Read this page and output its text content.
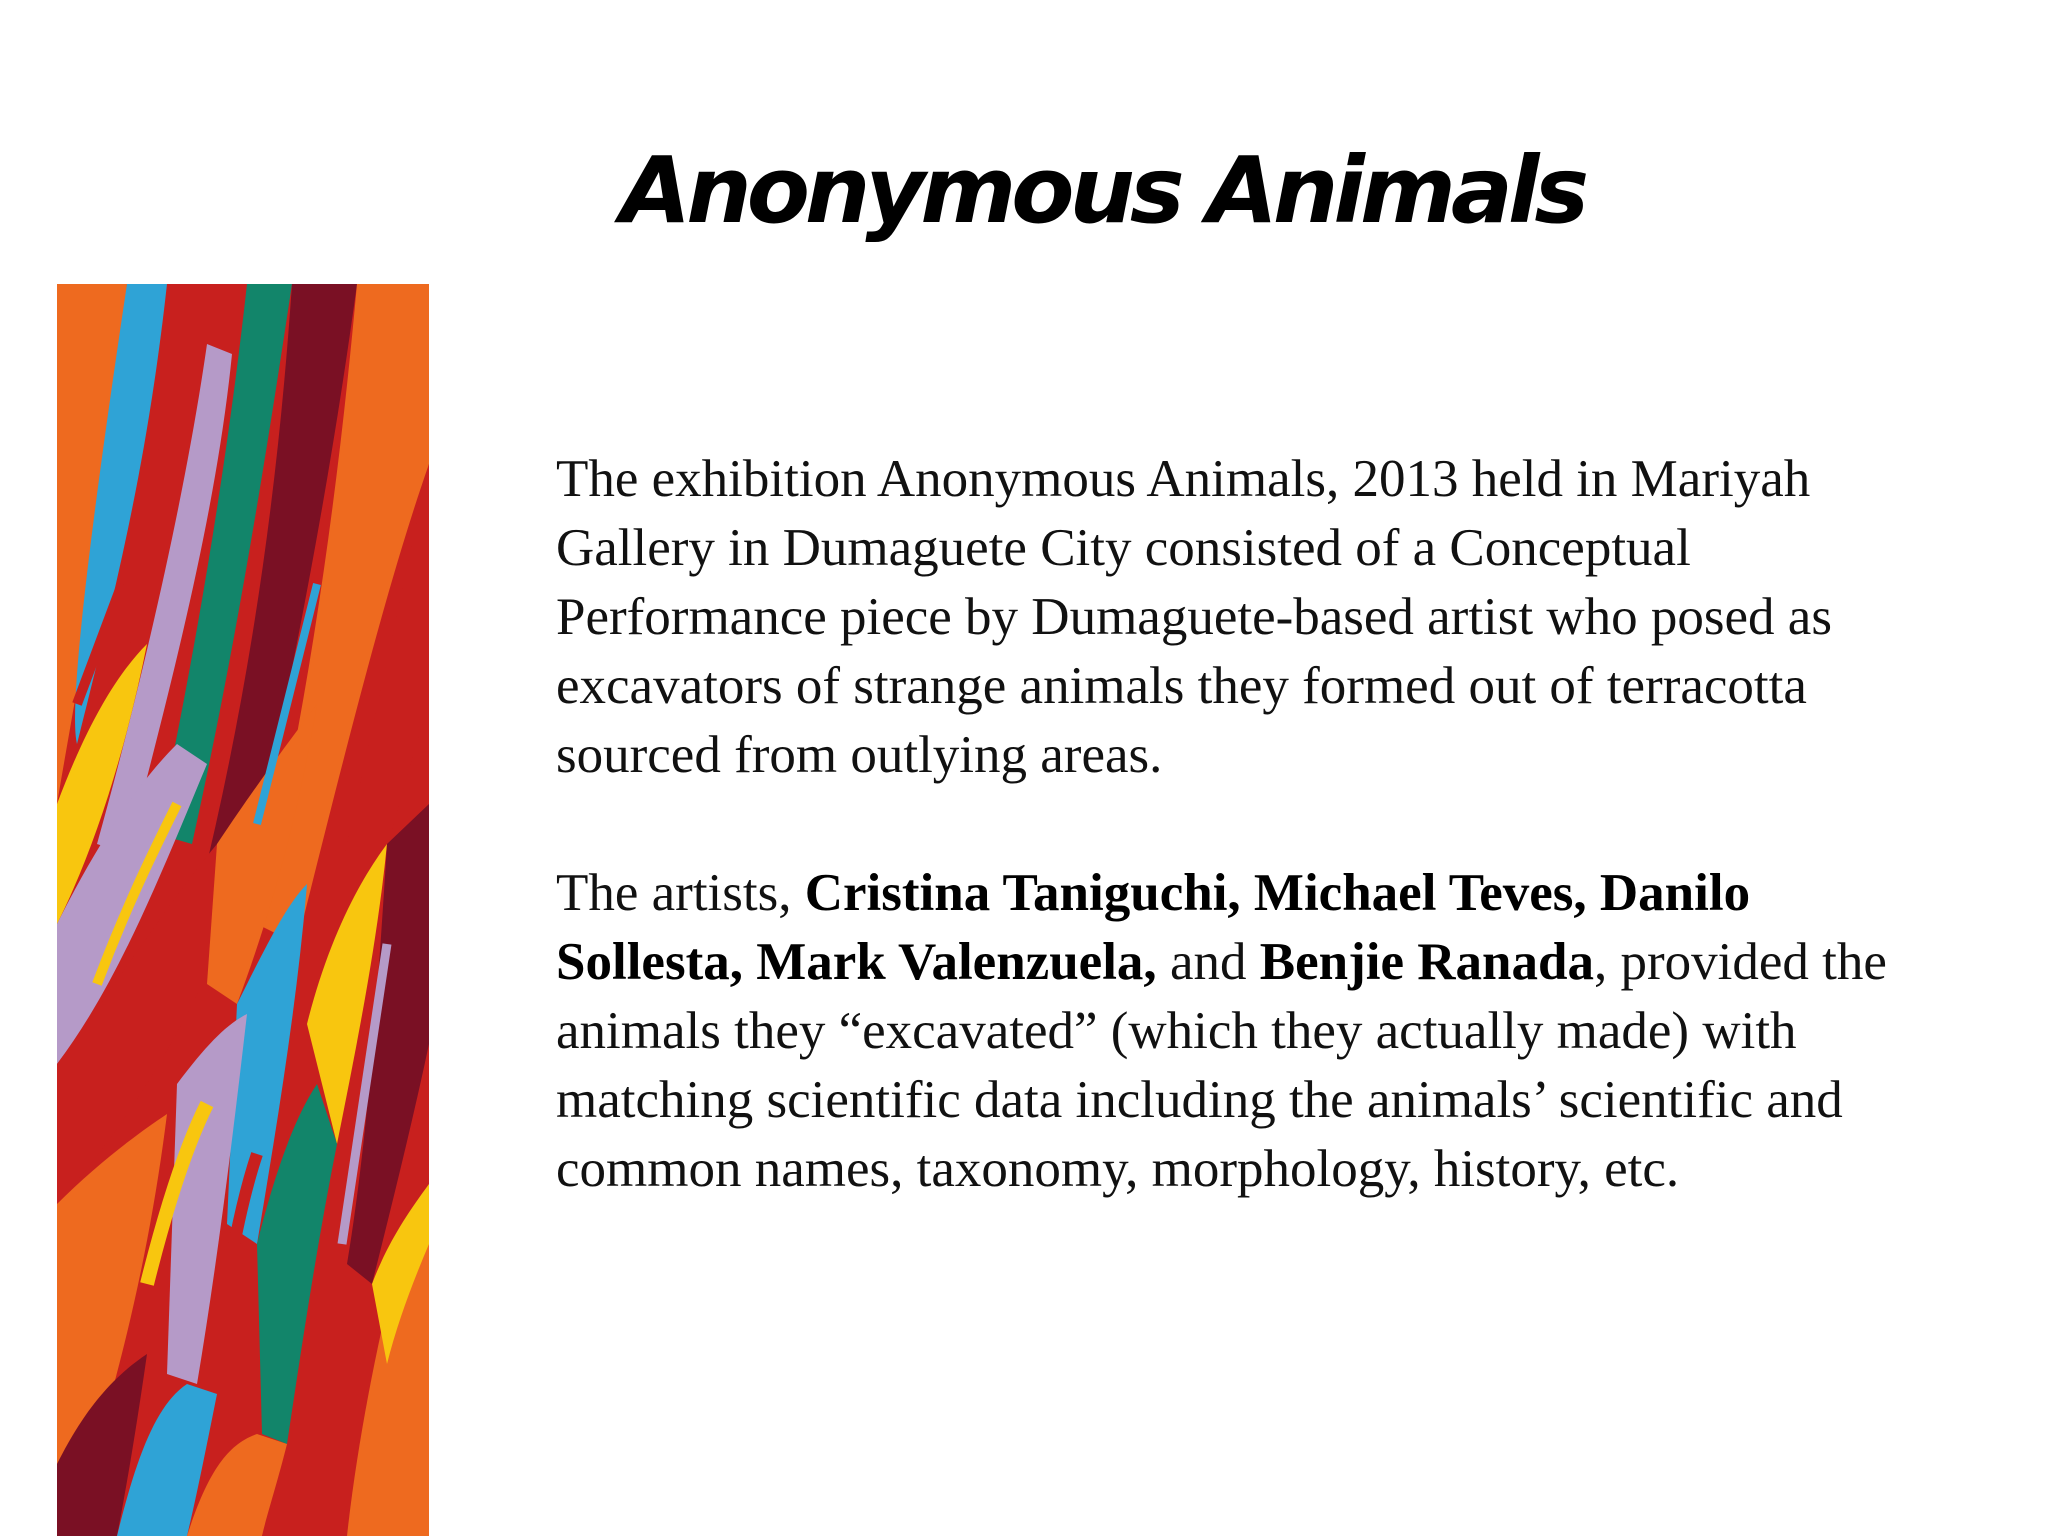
Anonymous Animals

The exhibition Anonymous Animals, 2013 held in Mariyah Gallery in Dumaguete City consisted of a Conceptual Performance piece by Dumaguete-based artist who posed as excavators of strange animals they formed out of terracotta sourced from outlying areas.

The artists, Cristina Taniguchi, Michael Teves, Danilo Sollesta, Mark Valenzuela, and Benjie Ranada, provided the animals they “excavated” (which they actually made) with matching scientific data including the animals’ scientific and common names, taxonomy, morphology, history, etc.
